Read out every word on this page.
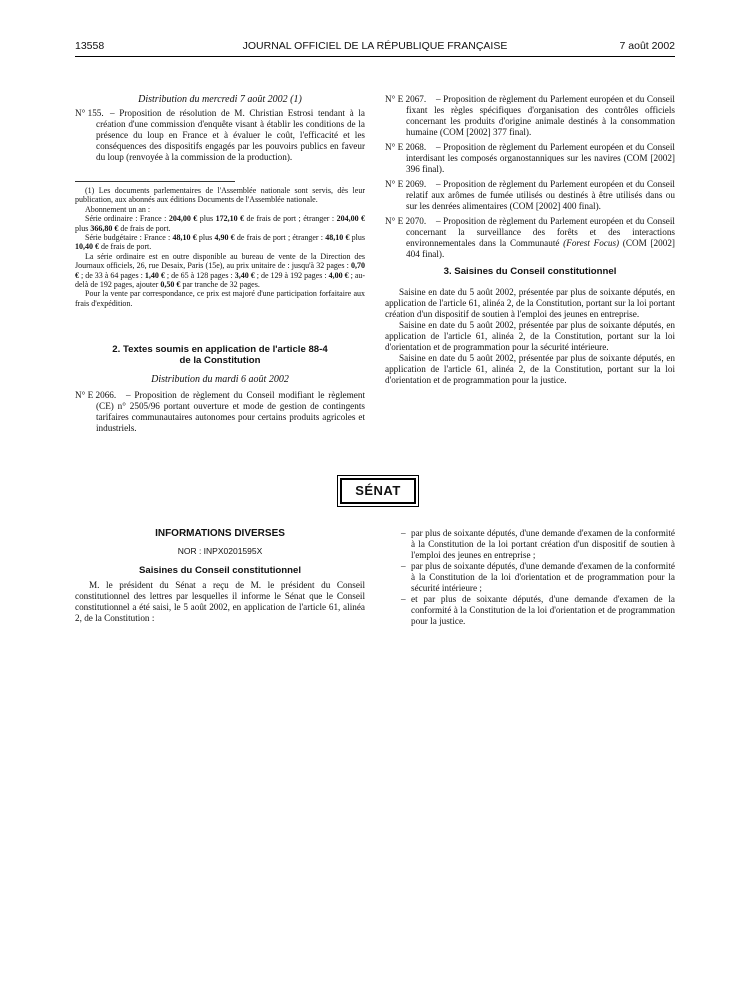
13558	JOURNAL OFFICIEL DE LA RÉPUBLIQUE FRANÇAISE	7 août 2002

Distribution du mercredi 7 août 2002 (1)

N° 155. – Proposition de résolution de M. Christian Estrosi tendant à la création d'une commission d'enquête visant à établir les conditions de la présence du loup en France et à évaluer le coût, l'efficacité et les conséquences des dispositifs engagés par les pouvoirs publics en faveur du loup (renvoyée à la commission de la production).

(1) Les documents parlementaires de l'Assemblée nationale sont servis, dès leur publication, aux abonnés aux éditions Documents de l'Assemblée nationale.

Abonnement un an :

Série ordinaire : France : 204,00 € plus 172,10 € de frais de port ; étranger : 204,00 € plus 366,80 € de frais de port.

Série budgétaire : France : 48,10 € plus 4,90 € de frais de port ; étranger : 48,10 € plus 10,40 € de frais de port.

La série ordinaire est en outre disponible au bureau de vente de la Direction des Journaux officiels, 26, rue Desaix, Paris (15e), au prix unitaire de : jusqu'à 32 pages : 0,70 € ; de 33 à 64 pages : 1,40 € ; de 65 à 128 pages : 3,40 € ; de 129 à 192 pages : 4,00 € ; au-delà de 192 pages, ajouter 0,50 € par tranche de 32 pages.

Pour la vente par correspondance, ce prix est majoré d'une participation forfaitaire aux frais d'expédition.

2. Textes soumis en application de l'article 88-4

de la Constitution

Distribution du mardi 6 août 2002

N° E 2066. – Proposition de règlement du Conseil modifiant le règlement (CE) n° 2505/96 portant ouverture et mode de gestion de contingents tarifaires communautaires autonomes pour certains produits agricoles et industriels.

N° E 2067. – Proposition de règlement du Parlement européen et du Conseil fixant les règles spécifiques d'organisation des contrôles officiels concernant les produits d'origine animale destinés à la consommation humaine (COM [2002] 377 final).
N° E 2068. – Proposition de règlement du Parlement européen et du Conseil interdisant les composés organostanniques sur les navires (COM [2002] 396 final).
N° E 2069. – Proposition de règlement du Parlement européen et du Conseil relatif aux arômes de fumée utilisés ou destinés à être utilisés dans ou sur les denrées alimentaires (COM [2002] 400 final).
N° E 2070. – Proposition de règlement du Parlement européen et du Conseil concernant la surveillance des forêts et des interactions environnementales dans la Communauté (Forest Focus) (COM [2002] 404 final).

3. Saisines du Conseil constitutionnel

Saisine en date du 5 août 2002, présentée par plus de soixante députés, en application de l'article 61, alinéa 2, de la Constitution, portant sur la loi portant création d'un dispositif de soutien à l'emploi des jeunes en entreprise.

Saisine en date du 5 août 2002, présentée par plus de soixante députés, en application de l'article 61, alinéa 2, de la Constitution, portant sur la loi d'orientation et de programmation pour la sécurité intérieure.

Saisine en date du 5 août 2002, présentée par plus de soixante députés, en application de l'article 61, alinéa 2, de la Constitution, portant sur la loi d'orientation et de programmation pour la justice.

SÉNAT

INFORMATIONS DIVERSES

NOR : INPX0201595X

Saisines du Conseil constitutionnel

M. le président du Sénat a reçu de M. le président du Conseil constitutionnel des lettres par lesquelles il informe le Sénat que le Conseil constitutionnel a été saisi, le 5 août 2002, en application de l'article 61, alinéa 2, de la Constitution :

– par plus de soixante députés, d'une demande d'examen de la conformité à la Constitution de la loi portant création d'un dispositif de soutien à l'emploi des jeunes en entreprise ;

– par plus de soixante députés, d'une demande d'examen de la conformité à la Constitution de la loi d'orientation et de programmation pour la sécurité intérieure ;

– et par plus de soixante députés, d'une demande d'examen de la conformité à la Constitution de la loi d'orientation et de programmation pour la justice.
